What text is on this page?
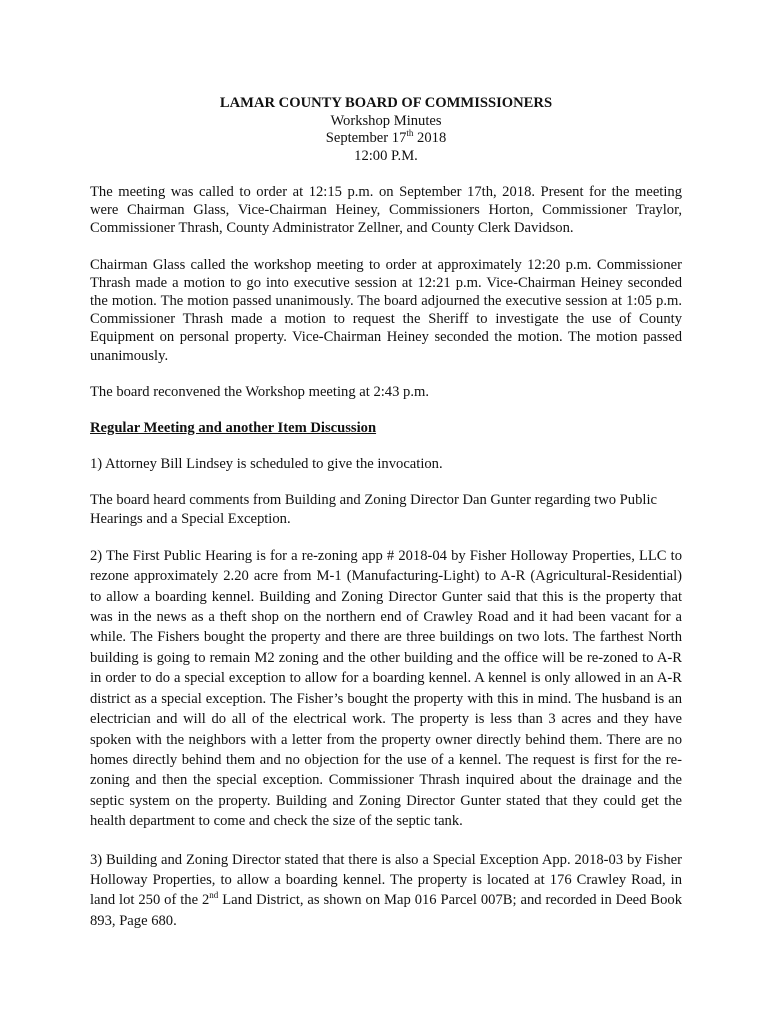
LAMAR COUNTY BOARD OF COMMISSIONERS
Workshop Minutes
September 17th 2018
12:00 P.M.

The meeting was called to order at 12:15 p.m. on September 17th, 2018. Present for the meeting were Chairman Glass, Vice-Chairman Heiney, Commissioners Horton, Commissioner Traylor, Commissioner Thrash, County Administrator Zellner, and County Clerk Davidson.

Chairman Glass called the workshop meeting to order at approximately 12:20 p.m. Commissioner Thrash made a motion to go into executive session at 12:21 p.m. Vice-Chairman Heiney seconded the motion. The motion passed unanimously. The board adjourned the executive session at 1:05 p.m. Commissioner Thrash made a motion to request the Sheriff to investigate the use of County Equipment on personal property. Vice-Chairman Heiney seconded the motion. The motion passed unanimously.

The board reconvened the Workshop meeting at 2:43 p.m.

Regular Meeting and another Item Discussion

1) Attorney Bill Lindsey is scheduled to give the invocation.

The board heard comments from Building and Zoning Director Dan Gunter regarding two Public Hearings and a Special Exception.

2) The First Public Hearing is for a re-zoning app # 2018-04 by Fisher Holloway Properties, LLC to rezone approximately 2.20 acre from M-1 (Manufacturing-Light) to A-R (Agricultural-Residential) to allow a boarding kennel. Building and Zoning Director Gunter said that this is the property that was in the news as a theft shop on the northern end of Crawley Road and it had been vacant for a while. The Fishers bought the property and there are three buildings on two lots. The farthest North building is going to remain M2 zoning and the other building and the office will be re-zoned to A-R in order to do a special exception to allow for a boarding kennel. A kennel is only allowed in an A-R district as a special exception. The Fisher’s bought the property with this in mind. The husband is an electrician and will do all of the electrical work. The property is less than 3 acres and they have spoken with the neighbors with a letter from the property owner directly behind them. There are no homes directly behind them and no objection for the use of a kennel. The request is first for the re-zoning and then the special exception. Commissioner Thrash inquired about the drainage and the septic system on the property. Building and Zoning Director Gunter stated that they could get the health department to come and check the size of the septic tank.

3) Building and Zoning Director stated that there is also a Special Exception App. 2018-03 by Fisher Holloway Properties, to allow a boarding kennel. The property is located at 176 Crawley Road, in land lot 250 of the 2nd Land District, as shown on Map 016 Parcel 007B; and recorded in Deed Book 893, Page 680.
